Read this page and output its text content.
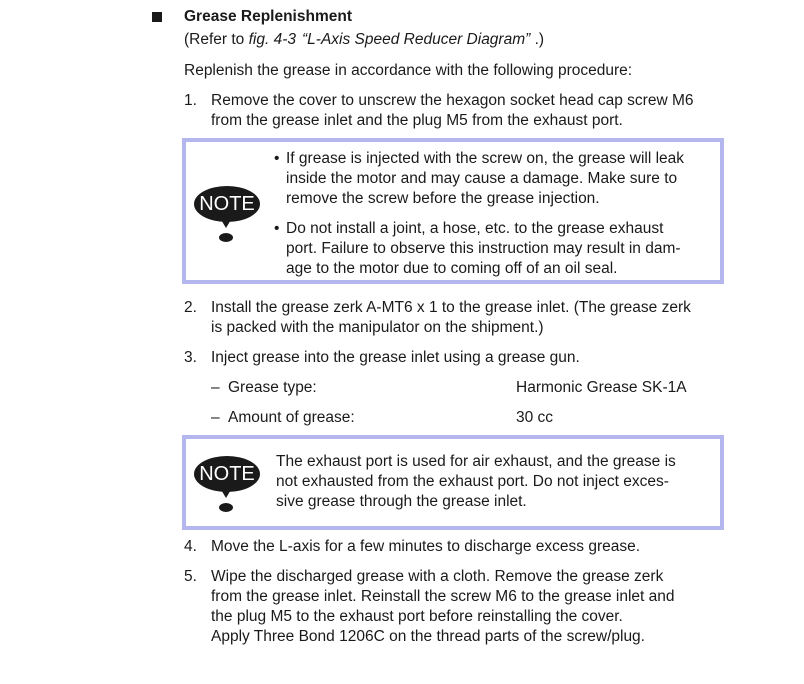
Grease Replenishment
(Refer to fig. 4-3 “L-Axis Speed Reducer Diagram” .)
Replenish the grease in accordance with the following procedure:
1. Remove the cover to unscrew the hexagon socket head cap screw M6
from the grease inlet and the plug M5 from the exhaust port.
NOTE
• If grease is injected with the screw on, the grease will leak
inside the motor and may cause a damage. Make sure to
remove the screw before the grease injection.
• Do not install a joint, a hose, etc. to the grease exhaust
port. Failure to observe this instruction may result in dam-
age to the motor due to coming off of an oil seal.
2. Install the grease zerk A-MT6 x 1 to the grease inlet. (The grease zerk
is packed with the manipulator on the shipment.)
3. Inject grease into the grease inlet using a grease gun.
– Grease type:	Harmonic Grease SK-1A
– Amount of grease:	30 cc
NOTE
The exhaust port is used for air exhaust, and the grease is
not exhausted from the exhaust port. Do not inject exces-
sive grease through the grease inlet.
4. Move the L-axis for a few minutes to discharge excess grease.
5. Wipe the discharged grease with a cloth. Remove the grease zerk
from the grease inlet. Reinstall the screw M6 to the grease inlet and
the plug M5 to the exhaust port before reinstalling the cover.
Apply Three Bond 1206C on the thread parts of the screw/plug.
